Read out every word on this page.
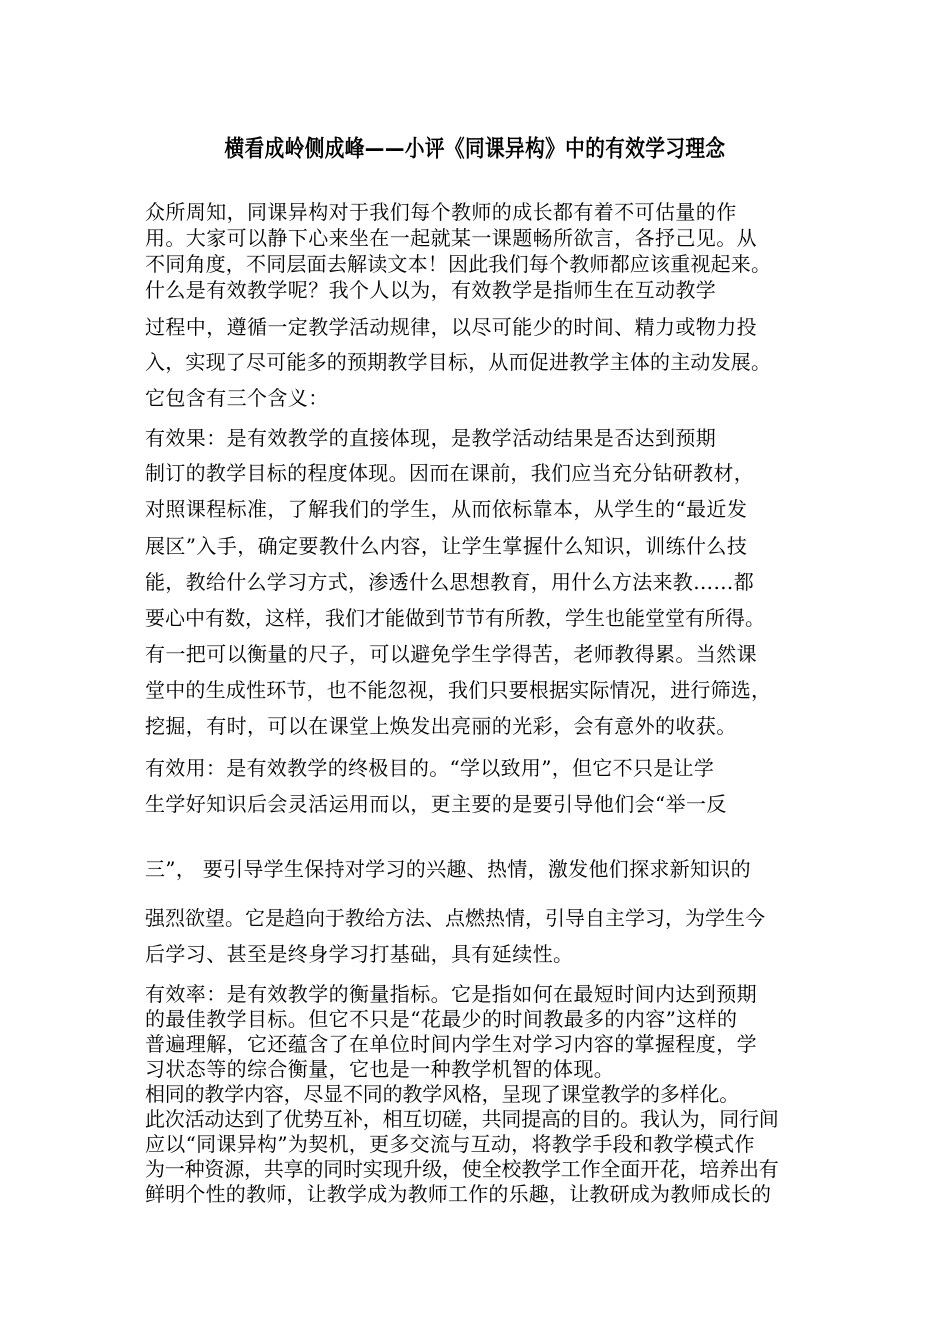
横看成岭侧成峰——小评《同课异构》中的有效学习理念
众所周知，同课异构对于我们每个教师的成长都有着不可估量的作
用。大家可以静下心来坐在一起就某一课题畅所欲言，各抒己见。从
不同角度，不同层面去解读文本！因此我们每个教师都应该重视起来。
什么是有效教学呢？我个人以为，有效教学是指师生在互动教学
过程中，遵循一定教学活动规律，以尽可能少的时间、精力或物力投
入，实现了尽可能多的预期教学目标，从而促进教学主体的主动发展。
它包含有三个含义：
有效果：是有效教学的直接体现，是教学活动结果是否达到预期
制订的教学目标的程度体现。因而在课前，我们应当充分钻研教材，
对照课程标准，了解我们的学生，从而依标靠本，从学生的“最近发
展区”入手，确定要教什么内容，让学生掌握什么知识，训练什么技
能，教给什么学习方式，渗透什么思想教育，用什么方法来教……都
要心中有数，这样，我们才能做到节节有所教，学生也能堂堂有所得。
有一把可以衡量的尺子，可以避免学生学得苦，老师教得累。当然课
堂中的生成性环节，也不能忽视，我们只要根据实际情况，进行筛选，
挖掘，有时，可以在课堂上焕发出亮丽的光彩，会有意外的收获。
有效用：是有效教学的终极目的。“学以致用”，但它不只是让学
生学好知识后会灵活运用而以，更主要的是要引导他们会“举一反
三”， 要引导学生保持对学习的兴趣、热情，激发他们探求新知识的
强烈欲望。它是趋向于教给方法、点燃热情，引导自主学习，为学生今
后学习、甚至是终身学习打基础，具有延续性。
有效率：是有效教学的衡量指标。它是指如何在最短时间内达到预期
的最佳教学目标。但它不只是“花最少的时间教最多的内容”这样的
普遍理解，它还蕴含了在单位时间内学生对学习内容的掌握程度，学
习状态等的综合衡量，它也是一种教学机智的体现。
相同的教学内容，尽显不同的教学风格，呈现了课堂教学的多样化。
此次活动达到了优势互补，相互切磋，共同提高的目的。我认为，同行间
应以“同课异构”为契机，更多交流与互动，将教学手段和教学模式作
为一种资源，共享的同时实现升级，使全校教学工作全面开花，培养出有
鲜明个性的教师，让教学成为教师工作的乐趣，让教研成为教师成长的
